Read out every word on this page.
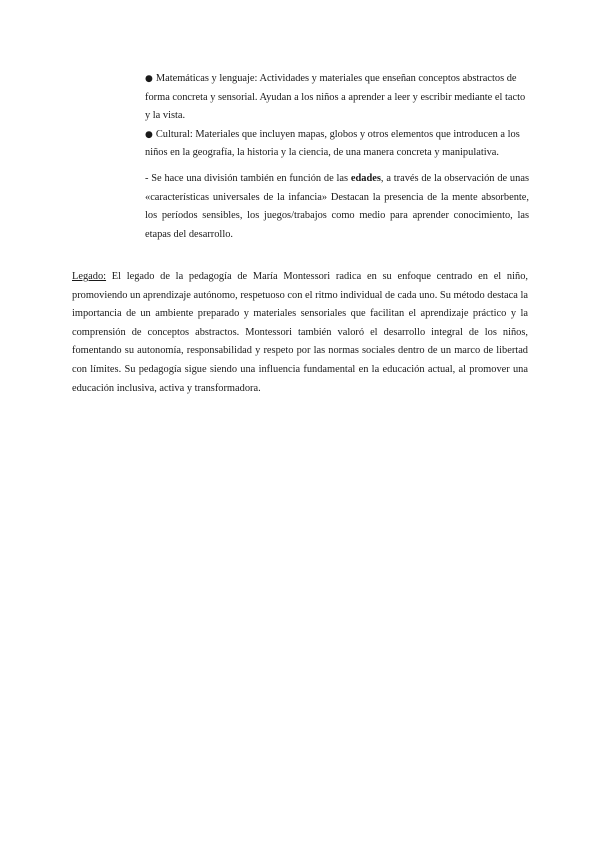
● Matemáticas y lenguaje: Actividades y materiales que enseñan conceptos abstractos de forma concreta y sensorial. Ayudan a los niños a aprender a leer y escribir mediante el tacto y la vista.
● Cultural: Materiales que incluyen mapas, globos y otros elementos que introducen a los niños en la geografía, la historia y la ciencia, de una manera concreta y manipulativa.

- Se hace una división también en función de las edades, a través de la observación de unas «características universales de la infancia» Destacan la presencia de la mente absorbente, los períodos sensibles, los juegos/trabajos como medio para aprender conocimiento, las etapas del desarrollo.

Legado: El legado de la pedagogía de María Montessori radica en su enfoque centrado en el niño, promoviendo un aprendizaje autónomo, respetuoso con el ritmo individual de cada uno. Su método destaca la importancia de un ambiente preparado y materiales sensoriales que facilitan el aprendizaje práctico y la comprensión de conceptos abstractos. Montessori también valoró el desarrollo integral de los niños, fomentando su autonomía, responsabilidad y respeto por las normas sociales dentro de un marco de libertad con límites. Su pedagogía sigue siendo una influencia fundamental en la educación actual, al promover una educación inclusiva, activa y transformadora.
